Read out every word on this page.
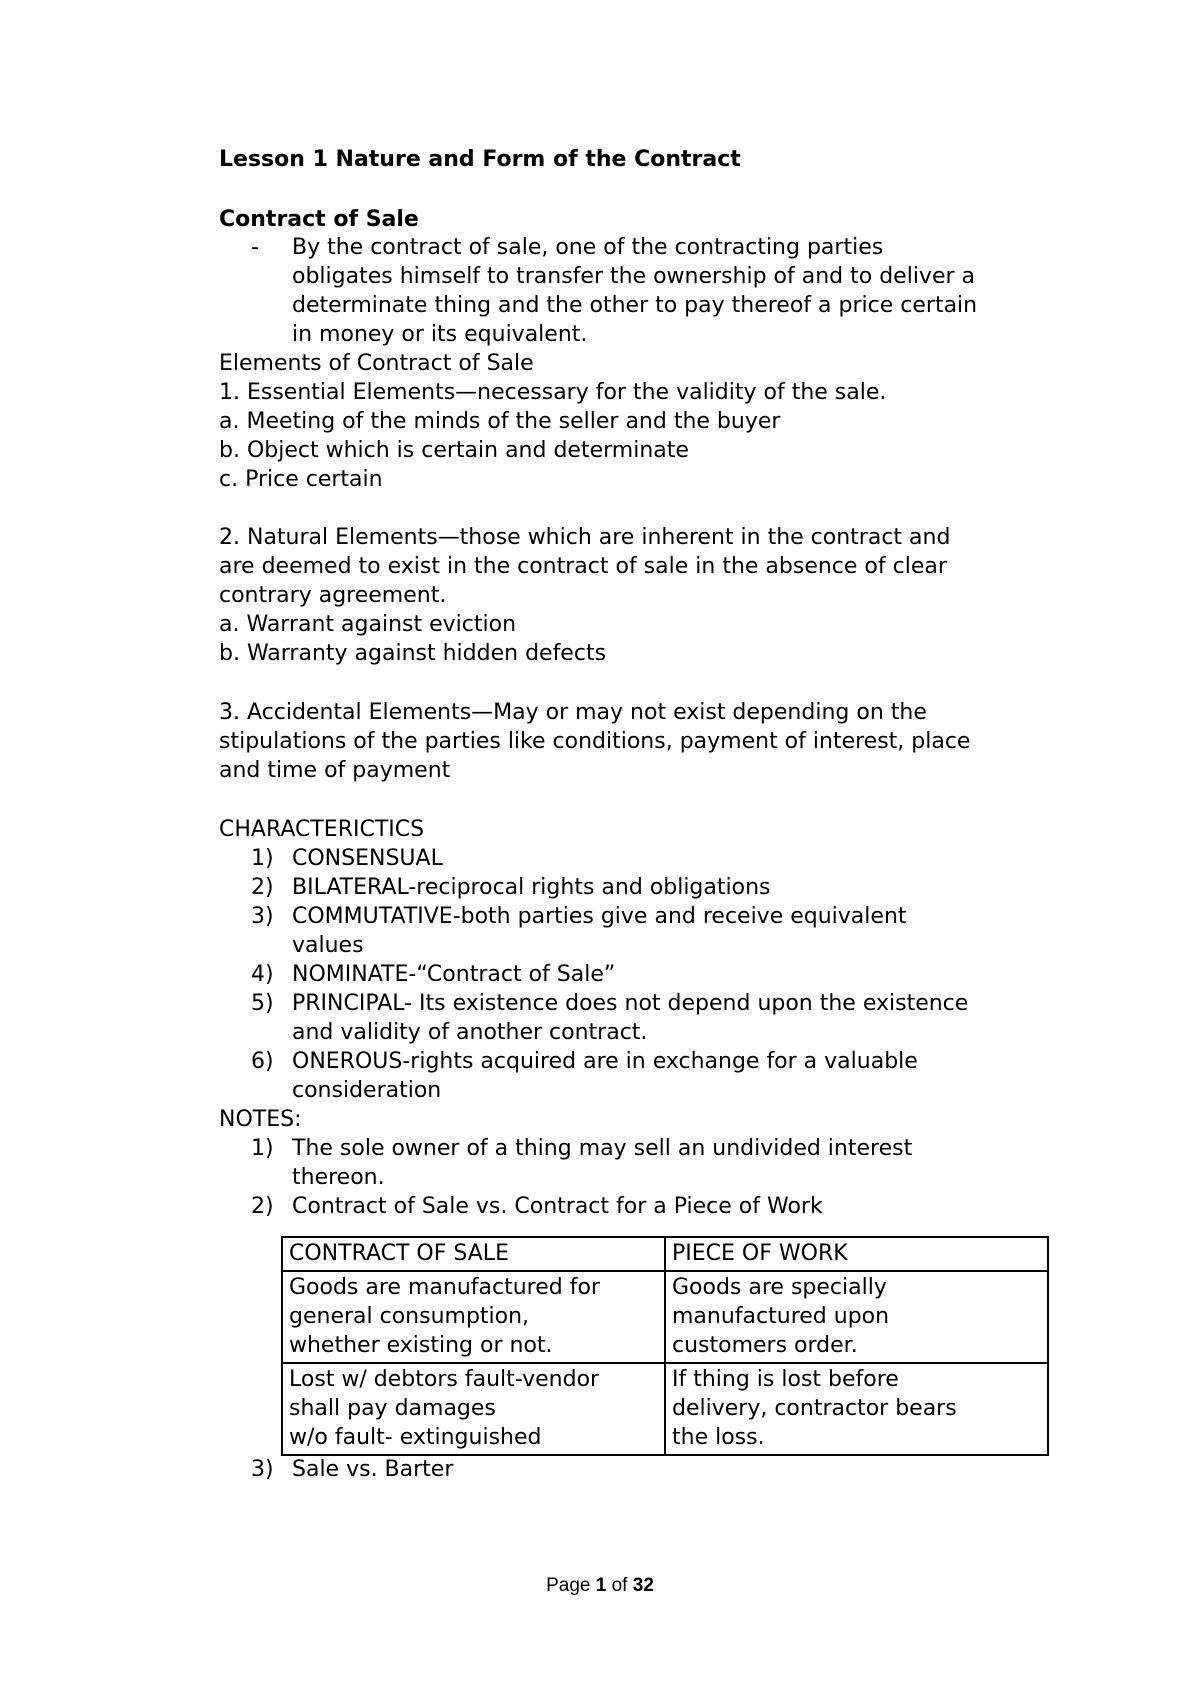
Lesson 1 Nature and Form of the Contract
Contract of Sale
- By the contract of sale, one of the contracting parties
obligates himself to transfer the ownership of and to deliver a
determinate thing and the other to pay thereof a price certain
in money or its equivalent.
Elements of Contract of Sale
1. Essential Elements—necessary for the validity of the sale.
a. Meeting of the minds of the seller and the buyer
b. Object which is certain and determinate
c. Price certain
2. Natural Elements—those which are inherent in the contract and
are deemed to exist in the contract of sale in the absence of clear
contrary agreement.
a. Warrant against eviction
b. Warranty against hidden defects
3. Accidental Elements—May or may not exist depending on the
stipulations of the parties like conditions, payment of interest, place
and time of payment
CHARACTERICTICS
1) CONSENSUAL
2) BILATERAL-reciprocal rights and obligations
3) COMMUTATIVE-both parties give and receive equivalent
values
4) NOMINATE-“Contract of Sale”
5) PRINCIPAL- Its existence does not depend upon the existence
and validity of another contract.
6) ONEROUS-rights acquired are in exchange for a valuable
consideration
NOTES:
1) The sole owner of a thing may sell an undivided interest
thereon.
2) Contract of Sale vs. Contract for a Piece of Work
CONTRACT OF SALE	PIECE OF WORK

Goods are manufactured for
general consumption,
whether existing or not.	Goods are specially
manufactured upon
customers order.

Lost w/ debtors fault-vendor
shall pay damages
w/o fault- extinguished	If thing is lost before
delivery, contractor bears
the loss.
3) Sale vs. Barter
Page 1 of 32
